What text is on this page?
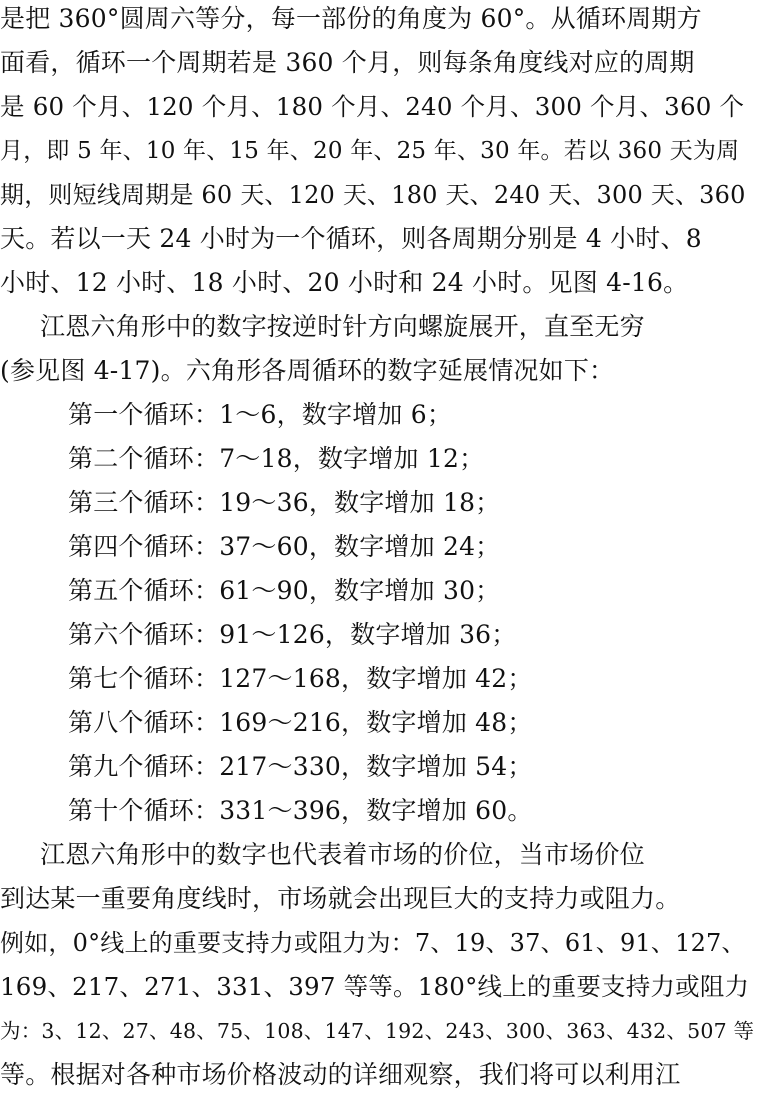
是把 360°圆周六等分，每一部份的角度为 60°。从循环周期方
面看，循环一个周期若是 360 个月，则每条角度线对应的周期
是 60 个月、120 个月、180 个月、240 个月、300 个月、360 个
月，即 5 年、10 年、15 年、20 年、25 年、30 年。若以 360 天为周
期，则短线周期是 60 天、120 天、180 天、240 天、300 天、360
天。若以一天 24 小时为一个循环，则各周期分别是 4 小时、8
小时、12 小时、18 小时、20 小时和 24 小时。见图 4-16。
江恩六角形中的数字按逆时针方向螺旋展开，直至无穷
(参见图 4-17)。六角形各周循环的数字延展情况如下：
第一个循环：1～6，数字增加 6；
第二个循环：7～18，数字增加 12；
第三个循环：19～36，数字增加 18；
第四个循环：37～60，数字增加 24；
第五个循环：61～90，数字增加 30；
第六个循环：91～126，数字增加 36；
第七个循环：127～168，数字增加 42；
第八个循环：169～216，数字增加 48；
第九个循环：217～330，数字增加 54；
第十个循环：331～396，数字增加 60。
江恩六角形中的数字也代表着市场的价位，当市场价位
到达某一重要角度线时，市场就会出现巨大的支持力或阻力。
例如，0°线上的重要支持力或阻力为：7、19、37、61、91、127、
169、217、271、331、397 等等。180°线上的重要支持力或阻力
为：3、12、27、48、75、108、147、192、243、300、363、432、507 等
等。根据对各种市场价格波动的详细观察，我们将可以利用江
